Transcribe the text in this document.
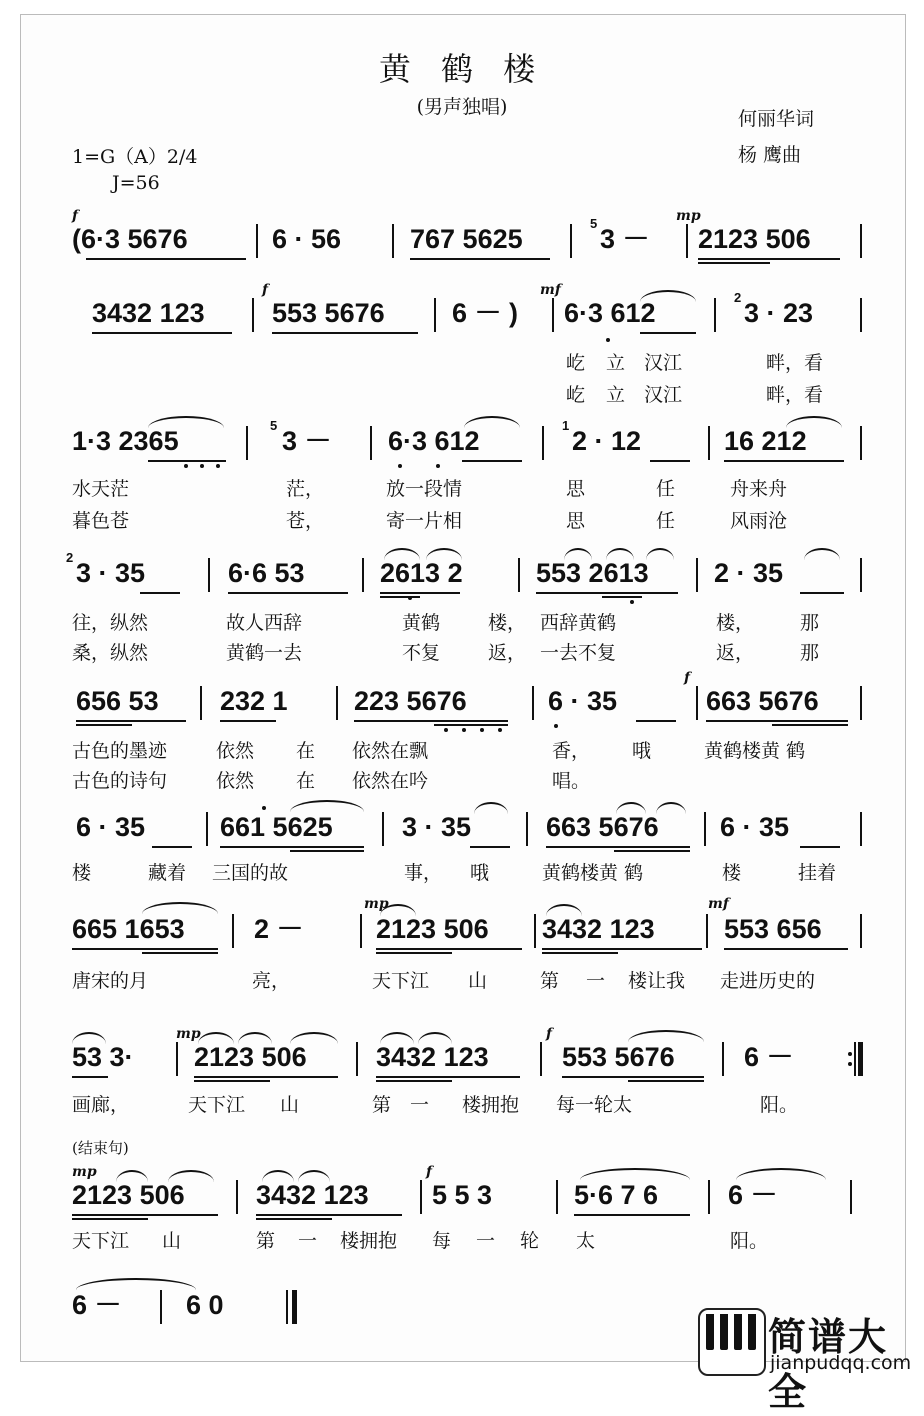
黄 鹤 楼
(男声独唱)
何丽华词
杨 鹰曲
1=G（A）2/4
J=56
f
(6·3 5676	6 · 56	767 5625
5
3 －
mp
2123 506
3432 123
f
553 5676 6 － )
mf
6·3 612
2
3 · 23
屹 立 汉江	畔，看
屹 立 汉江	畔，看
1·3 2365
5
3 － 6·3 612
1
2 · 12	16 212
水天茫	茫，	放一段情	思	任	舟来舟
暮色苍	苍，	寄一片相	思	任	风雨沧
2
3 · 35	6·6 53	2613 2	553 2613 2 · 35
往，纵然	故人西辞	黄鹤	楼， 西辞黄鹤	楼， 那
桑，纵然	黄鹤一去	不复	返， 一去不复	返， 那
656 53 232 1 223 5676	6 · 35
f
663 5676
古色的墨迹	依然 在 依然在飘	香， 哦	黄鹤楼黄 鹤
古色的诗句	依然 在 依然在吟	唱。
6 · 35	661 5625	3 · 35	663 5676 6 · 35
楼	藏着 三国的故	事， 哦	黄鹤楼黄 鹤	楼	挂着
665 1653	2 －
mp
2123 506 3432 123
mf
553 656
唐宋的月	亮，	天下江 山	第 一 楼让我 走进历史的
53 3·
mp
2123 506	3432 123
f
553 5676	6 －
画廊，	天下江 山	第 一 楼拥抱 每一轮太	阳。
(结束句)
mp
2123 506	3432 123
f
5 5 3	5·6 7 6	6 －
天下江 山	第 一 楼拥抱 每 一 轮 太	阳。
6 － 6 0
简谱大全
jianpudqq.com
